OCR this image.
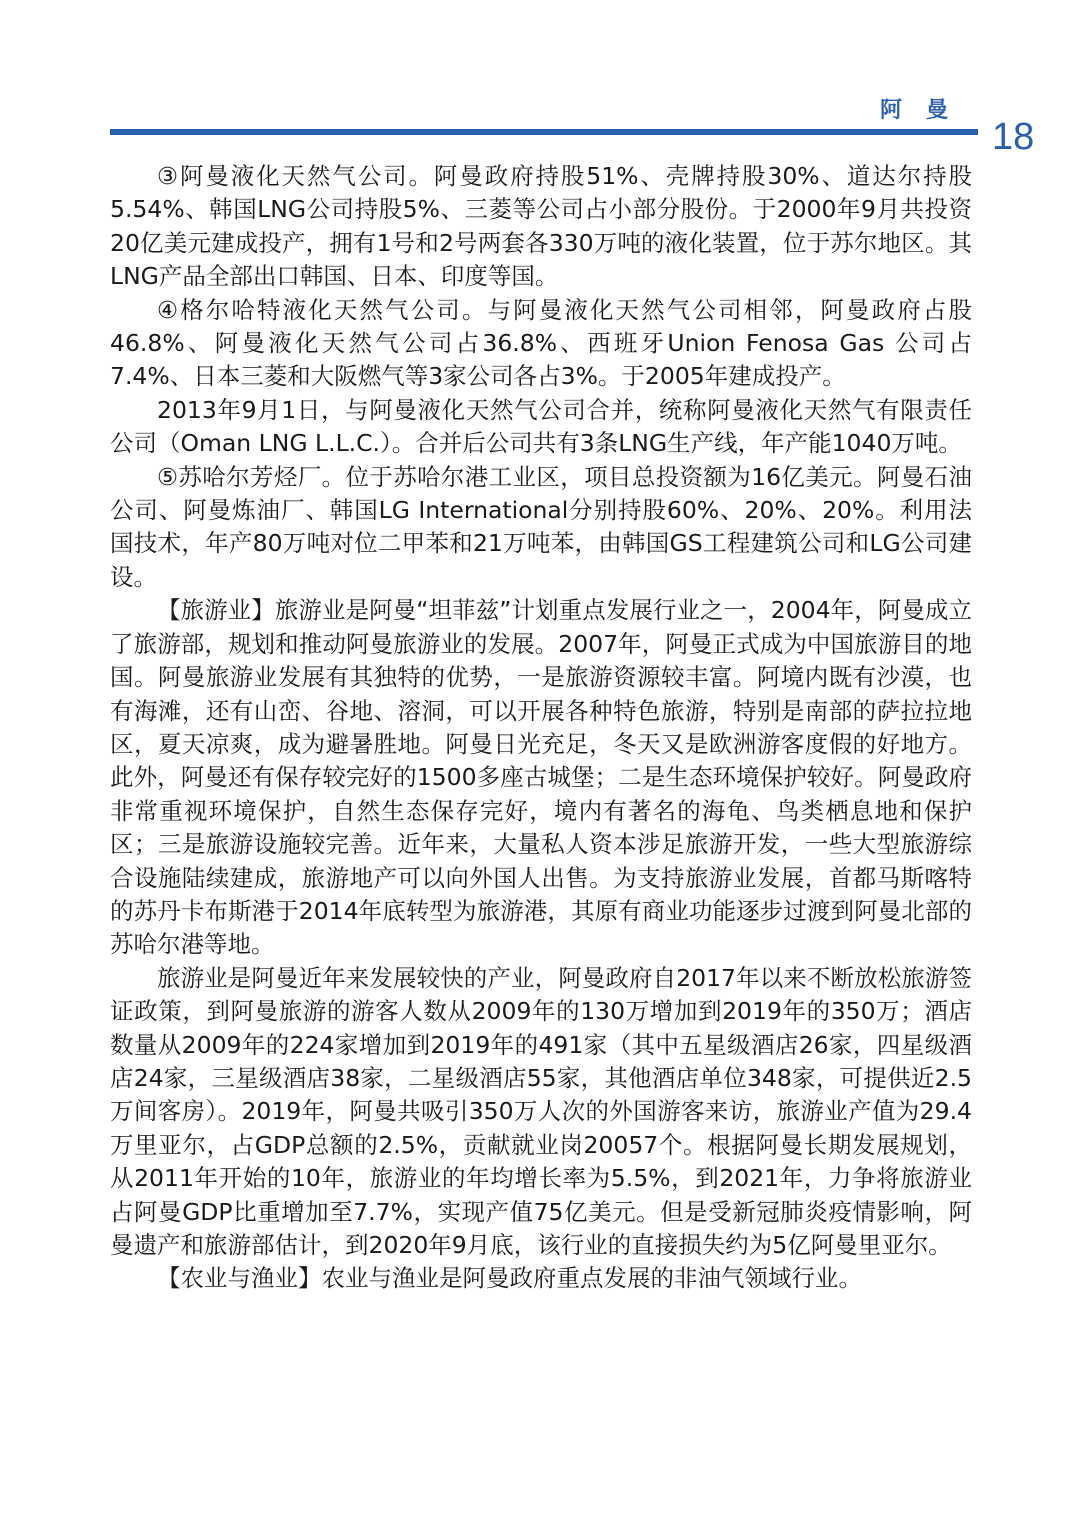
阿曼
18

③阿曼液化天然气公司。阿曼政府持股51%、壳牌持股30%、道达尔持股5.54%、韩国LNG公司持股5%、三菱等公司占小部分股份。于2000年9月共投资20亿美元建成投产，拥有1号和2号两套各330万吨的液化装置，位于苏尔地区。其LNG产品全部出口韩国、日本、印度等国。

④格尔哈特液化天然气公司。与阿曼液化天然气公司相邻，阿曼政府占股46.8%、阿曼液化天然气公司占36.8%、西班牙Union Fenosa Gas 公司占7.4%、日本三菱和大阪燃气等3家公司各占3%。于2005年建成投产。

2013年9月1日，与阿曼液化天然气公司合并，统称阿曼液化天然气有限责任公司（Oman LNG L.L.C.）。合并后公司共有3条LNG生产线，年产能1040万吨。

⑤苏哈尔芳烃厂。位于苏哈尔港工业区，项目总投资额为16亿美元。阿曼石油公司、阿曼炼油厂、韩国LG International分别持股60%、20%、20%。利用法国技术，年产80万吨对位二甲苯和21万吨苯，由韩国GS工程建筑公司和LG公司建设。

【旅游业】旅游业是阿曼“坦菲兹”计划重点发展行业之一，2004年，阿曼成立了旅游部，规划和推动阿曼旅游业的发展。2007年，阿曼正式成为中国旅游目的地国。阿曼旅游业发展有其独特的优势，一是旅游资源较丰富。阿境内既有沙漠，也有海滩，还有山峦、谷地、溶洞，可以开展各种特色旅游，特别是南部的萨拉拉地区，夏天凉爽，成为避暑胜地。阿曼日光充足，冬天又是欧洲游客度假的好地方。此外，阿曼还有保存较完好的1500多座古城堡；二是生态环境保护较好。阿曼政府非常重视环境保护，自然生态保存完好，境内有著名的海龟、鸟类栖息地和保护区；三是旅游设施较完善。近年来，大量私人资本涉足旅游开发，一些大型旅游综合设施陆续建成，旅游地产可以向外国人出售。为支持旅游业发展，首都马斯喀特的苏丹卡布斯港于2014年底转型为旅游港，其原有商业功能逐步过渡到阿曼北部的苏哈尔港等地。

旅游业是阿曼近年来发展较快的产业，阿曼政府自2017年以来不断放松旅游签证政策，到阿曼旅游的游客人数从2009年的130万增加到2019年的350万；酒店数量从2009年的224家增加到2019年的491家（其中五星级酒店26家，四星级酒店24家，三星级酒店38家，二星级酒店55家，其他酒店单位348家，可提供近2.5万间客房）。2019年，阿曼共吸引350万人次的外国游客来访，旅游业产值为29.4万里亚尔，占GDP总额的2.5%，贡献就业岗20057个。根据阿曼长期发展规划，从2011年开始的10年，旅游业的年均增长率为5.5%，到2021年，力争将旅游业占阿曼GDP比重增加至7.7%，实现产值75亿美元。但是受新冠肺炎疫情影响，阿曼遗产和旅游部估计，到2020年9月底，该行业的直接损失约为5亿阿曼里亚尔。

【农业与渔业】农业与渔业是阿曼政府重点发展的非油气领域行业。
